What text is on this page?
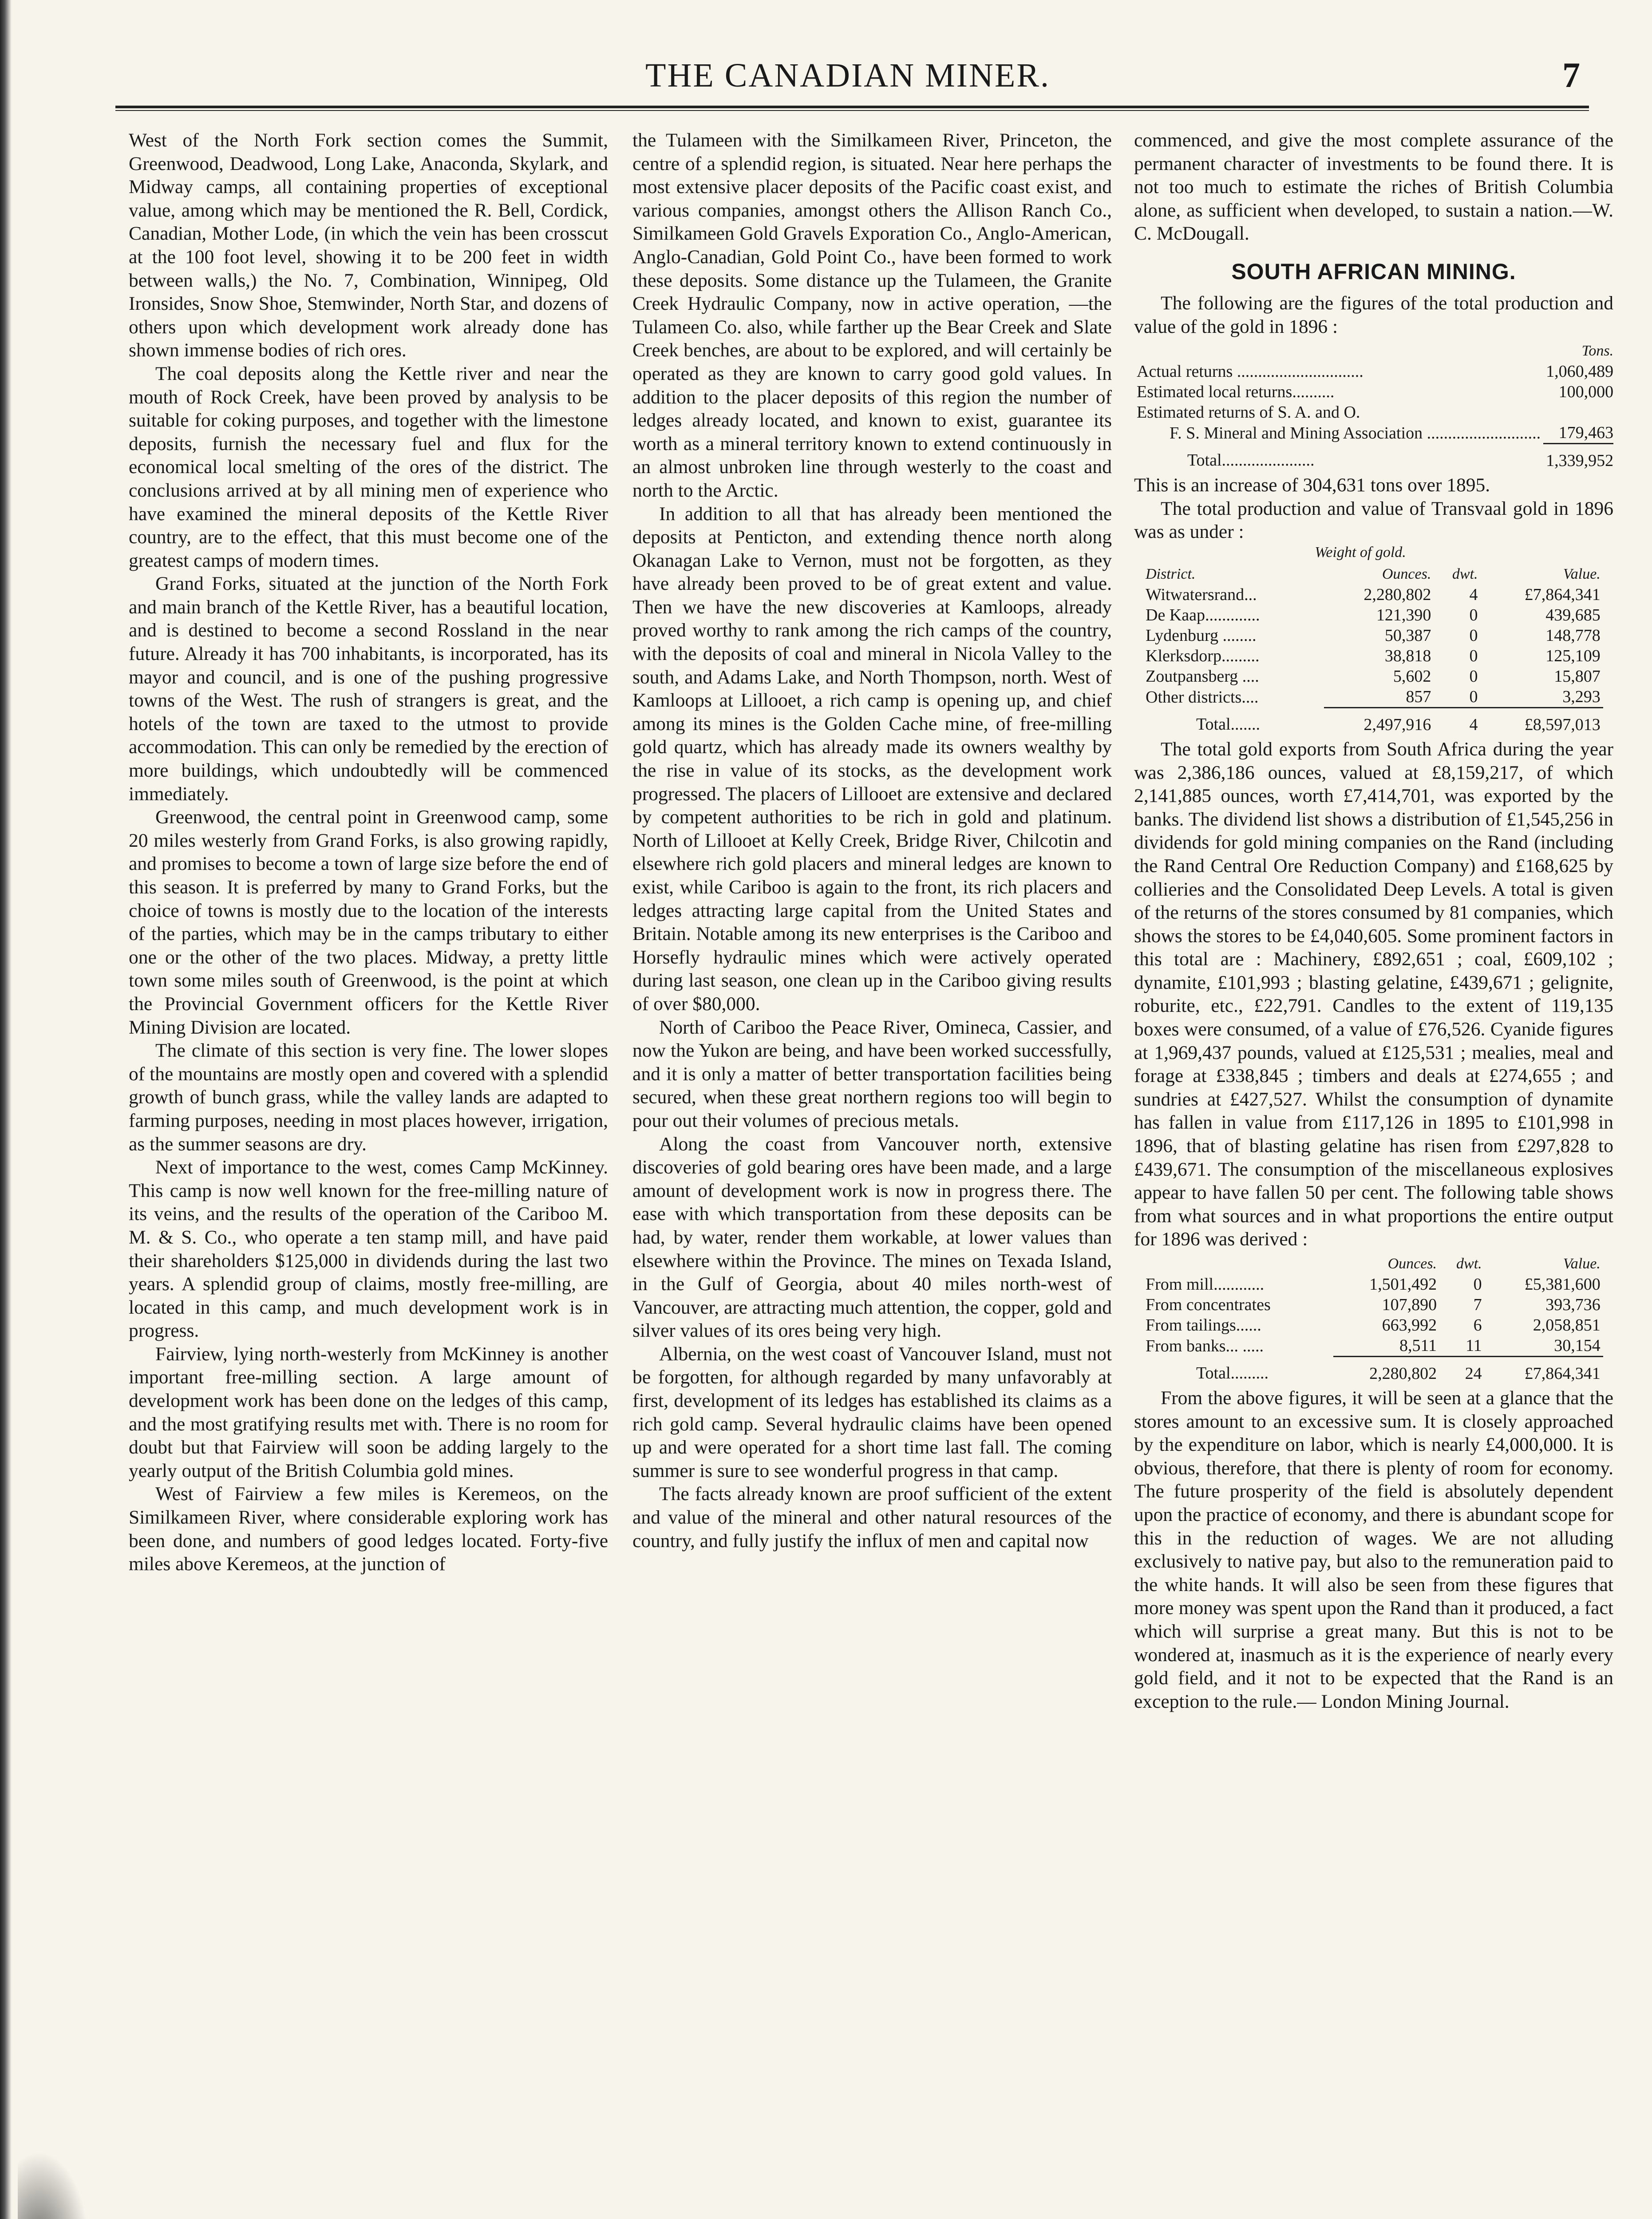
THE CANADIAN MINER.	7

West of the North Fork section comes the Summit, Greenwood, Deadwood, Long Lake, Anaconda, Skylark, and Midway camps, all containing properties of exceptional value, among which may be mentioned the R. Bell, Cordick, Canadian, Mother Lode, (in which the vein has been crosscut at the 100 foot level, showing it to be 200 feet in width between walls,) the No. 7, Combination, Winnipeg, Old Ironsides, Snow Shoe, Stemwinder, North Star, and dozens of others upon which development work already done has shown immense bodies of rich ores.

The coal deposits along the Kettle river and near the mouth of Rock Creek, have been proved by analysis to be suitable for coking purposes, and together with the limestone deposits, furnish the necessary fuel and flux for the economical local smelting of the ores of the district. The conclusions arrived at by all mining men of experience who have examined the mineral deposits of the Kettle River country, are to the effect, that this must become one of the greatest camps of modern times.

Grand Forks, situated at the junction of the North Fork and main branch of the Kettle River, has a beautiful location, and is destined to become a second Rossland in the near future. Already it has 700 inhabitants, is incorporated, has its mayor and council, and is one of the pushing progressive towns of the West. The rush of strangers is great, and the hotels of the town are taxed to the utmost to provide accommodation. This can only be remedied by the erection of more buildings, which undoubtedly will be commenced immediately.

Greenwood, the central point in Greenwood camp, some 20 miles westerly from Grand Forks, is also growing rapidly, and promises to become a town of large size before the end of this season. It is preferred by many to Grand Forks, but the choice of towns is mostly due to the location of the interests of the parties, which may be in the camps tributary to either one or the other of the two places. Midway, a pretty little town some miles south of Greenwood, is the point at which the Provincial Government officers for the Kettle River Mining Division are located.

The climate of this section is very fine. The lower slopes of the mountains are mostly open and covered with a splendid growth of bunch grass, while the valley lands are adapted to farming purposes, needing in most places however, irrigation, as the summer seasons are dry.

Next of importance to the west, comes Camp McKinney. This camp is now well known for the free-milling nature of its veins, and the results of the operation of the Cariboo M. M. & S. Co., who operate a ten stamp mill, and have paid their shareholders $125,000 in dividends during the last two years. A splendid group of claims, mostly free-milling, are located in this camp, and much development work is in progress.

Fairview, lying north-westerly from McKinney is another important free-milling section. A large amount of development work has been done on the ledges of this camp, and the most gratifying results met with. There is no room for doubt but that Fairview will soon be adding largely to the yearly output of the British Columbia gold mines.

West of Fairview a few miles is Keremeos, on the Similkameen River, where considerable exploring work has been done, and numbers of good ledges located. Forty-five miles above Keremeos, at the junction of

the Tulameen with the Similkameen River, Princeton, the centre of a splendid region, is situated. Near here perhaps the most extensive placer deposits of the Pacific coast exist, and various companies, amongst others the Allison Ranch Co., Similkameen Gold Gravels Exporation Co., Anglo-American, Anglo-Canadian, Gold Point Co., have been formed to work these deposits. Some distance up the Tulameen, the Granite Creek Hydraulic Company, now in active operation, —the Tulameen Co. also, while farther up the Bear Creek and Slate Creek benches, are about to be explored, and will certainly be operated as they are known to carry good gold values. In addition to the placer deposits of this region the number of ledges already located, and known to exist, guarantee its worth as a mineral territory known to extend continuously in an almost unbroken line through westerly to the coast and north to the Arctic.

In addition to all that has already been mentioned the deposits at Penticton, and extending thence north along Okanagan Lake to Vernon, must not be forgotten, as they have already been proved to be of great extent and value. Then we have the new discoveries at Kamloops, already proved worthy to rank among the rich camps of the country, with the deposits of coal and mineral in Nicola Valley to the south, and Adams Lake, and North Thompson, north. West of Kamloops at Lillooet, a rich camp is opening up, and chief among its mines is the Golden Cache mine, of free-milling gold quartz, which has already made its owners wealthy by the rise in value of its stocks, as the development work progressed. The placers of Lillooet are extensive and declared by competent authorities to be rich in gold and platinum. North of Lillooet at Kelly Creek, Bridge River, Chilcotin and elsewhere rich gold placers and mineral ledges are known to exist, while Cariboo is again to the front, its rich placers and ledges attracting large capital from the United States and Britain. Notable among its new enterprises is the Cariboo and Horsefly hydraulic mines which were actively operated during last season, one clean up in the Cariboo giving results of over $80,000.

North of Cariboo the Peace River, Omineca, Cassier, and now the Yukon are being, and have been worked successfully, and it is only a matter of better transportation facilities being secured, when these great northern regions too will begin to pour out their volumes of precious metals.

Along the coast from Vancouver north, extensive discoveries of gold bearing ores have been made, and a large amount of development work is now in progress there. The ease with which transportation from these deposits can be had, by water, render them workable, at lower values than elsewhere within the Province. The mines on Texada Island, in the Gulf of Georgia, about 40 miles north-west of Vancouver, are attracting much attention, the copper, gold and silver values of its ores being very high.

Albernia, on the west coast of Vancouver Island, must not be forgotten, for although regarded by many unfavorably at first, development of its ledges has established its claims as a rich gold camp. Several hydraulic claims have been opened up and were operated for a short time last fall. The coming summer is sure to see wonderful progress in that camp.

The facts already known are proof sufficient of the extent and value of the mineral and other natural resources of the country, and fully justify the influx of men and capital now

commenced, and give the most complete assurance of the permanent character of investments to be found there. It is not too much to estimate the riches of British Columbia alone, as sufficient when developed, to sustain a nation.—W. C. McDougall.

SOUTH AFRICAN MINING.

The following are the figures of the total production and value of the gold in 1896 :

	Tons.
Actual returns ..............................	1,060,489
Estimated local returns..........	100,000
Estimated returns of S. A. and O.	
F. S. Mineral and Mining Association ...........................	179,463
Total......................	1,339,952

This is an increase of 304,631 tons over 1895.

The total production and value of Transvaal gold in 1896 was as under :

Weight of gold.
District.	Ounces.	dwt.	Value.
Witwatersrand...	2,280,802	4	£7,864,341
De Kaap.............	121,390	0	439,685
Lydenburg ........	50,387	0	148,778
Klerksdorp.........	38,818	0	125,109
Zoutpansberg ....	5,602	0	15,807
Other districts....	857	0	3,293
Total.......	2,497,916	4	£8,597,013

The total gold exports from South Africa during the year was 2,386,186 ounces, valued at £8,159,217, of which 2,141,885 ounces, worth £7,414,701, was exported by the banks. The dividend list shows a distribution of £1,545,256 in dividends for gold mining companies on the Rand (including the Rand Central Ore Reduction Company) and £168,625 by collieries and the Consolidated Deep Levels. A total is given of the returns of the stores consumed by 81 companies, which shows the stores to be £4,040,605. Some prominent factors in this total are : Machinery, £892,651 ; coal, £609,102 ; dynamite, £101,993 ; blasting gelatine, £439,671 ; gelignite, roburite, etc., £22,791. Candles to the extent of 119,135 boxes were consumed, of a value of £76,526. Cyanide figures at 1,969,437 pounds, valued at £125,531 ; mealies, meal and forage at £338,845 ; timbers and deals at £274,655 ; and sundries at £427,527. Whilst the consumption of dynamite has fallen in value from £117,126 in 1895 to £101,998 in 1896, that of blasting gelatine has risen from £297,828 to £439,671. The consumption of the miscellaneous explosives appear to have fallen 50 per cent. The following table shows from what sources and in what proportions the entire output for 1896 was derived :

	Ounces.	dwt.	Value.
From mill............	1,501,492	0	£5,381,600
From concentrates	107,890	7	393,736
From tailings......	663,992	6	2,058,851
From banks... .....	8,511	11	30,154
Total.........	2,280,802	24	£7,864,341

From the above figures, it will be seen at a glance that the stores amount to an excessive sum. It is closely approached by the expenditure on labor, which is nearly £4,000,000. It is obvious, therefore, that there is plenty of room for economy. The future prosperity of the field is absolutely dependent upon the practice of economy, and there is abundant scope for this in the reduction of wages. We are not alluding exclusively to native pay, but also to the remuneration paid to the white hands. It will also be seen from these figures that more money was spent upon the Rand than it produced, a fact which will surprise a great many. But this is not to be wondered at, inasmuch as it is the experience of nearly every gold field, and it not to be expected that the Rand is an exception to the rule.— London Mining Journal.
